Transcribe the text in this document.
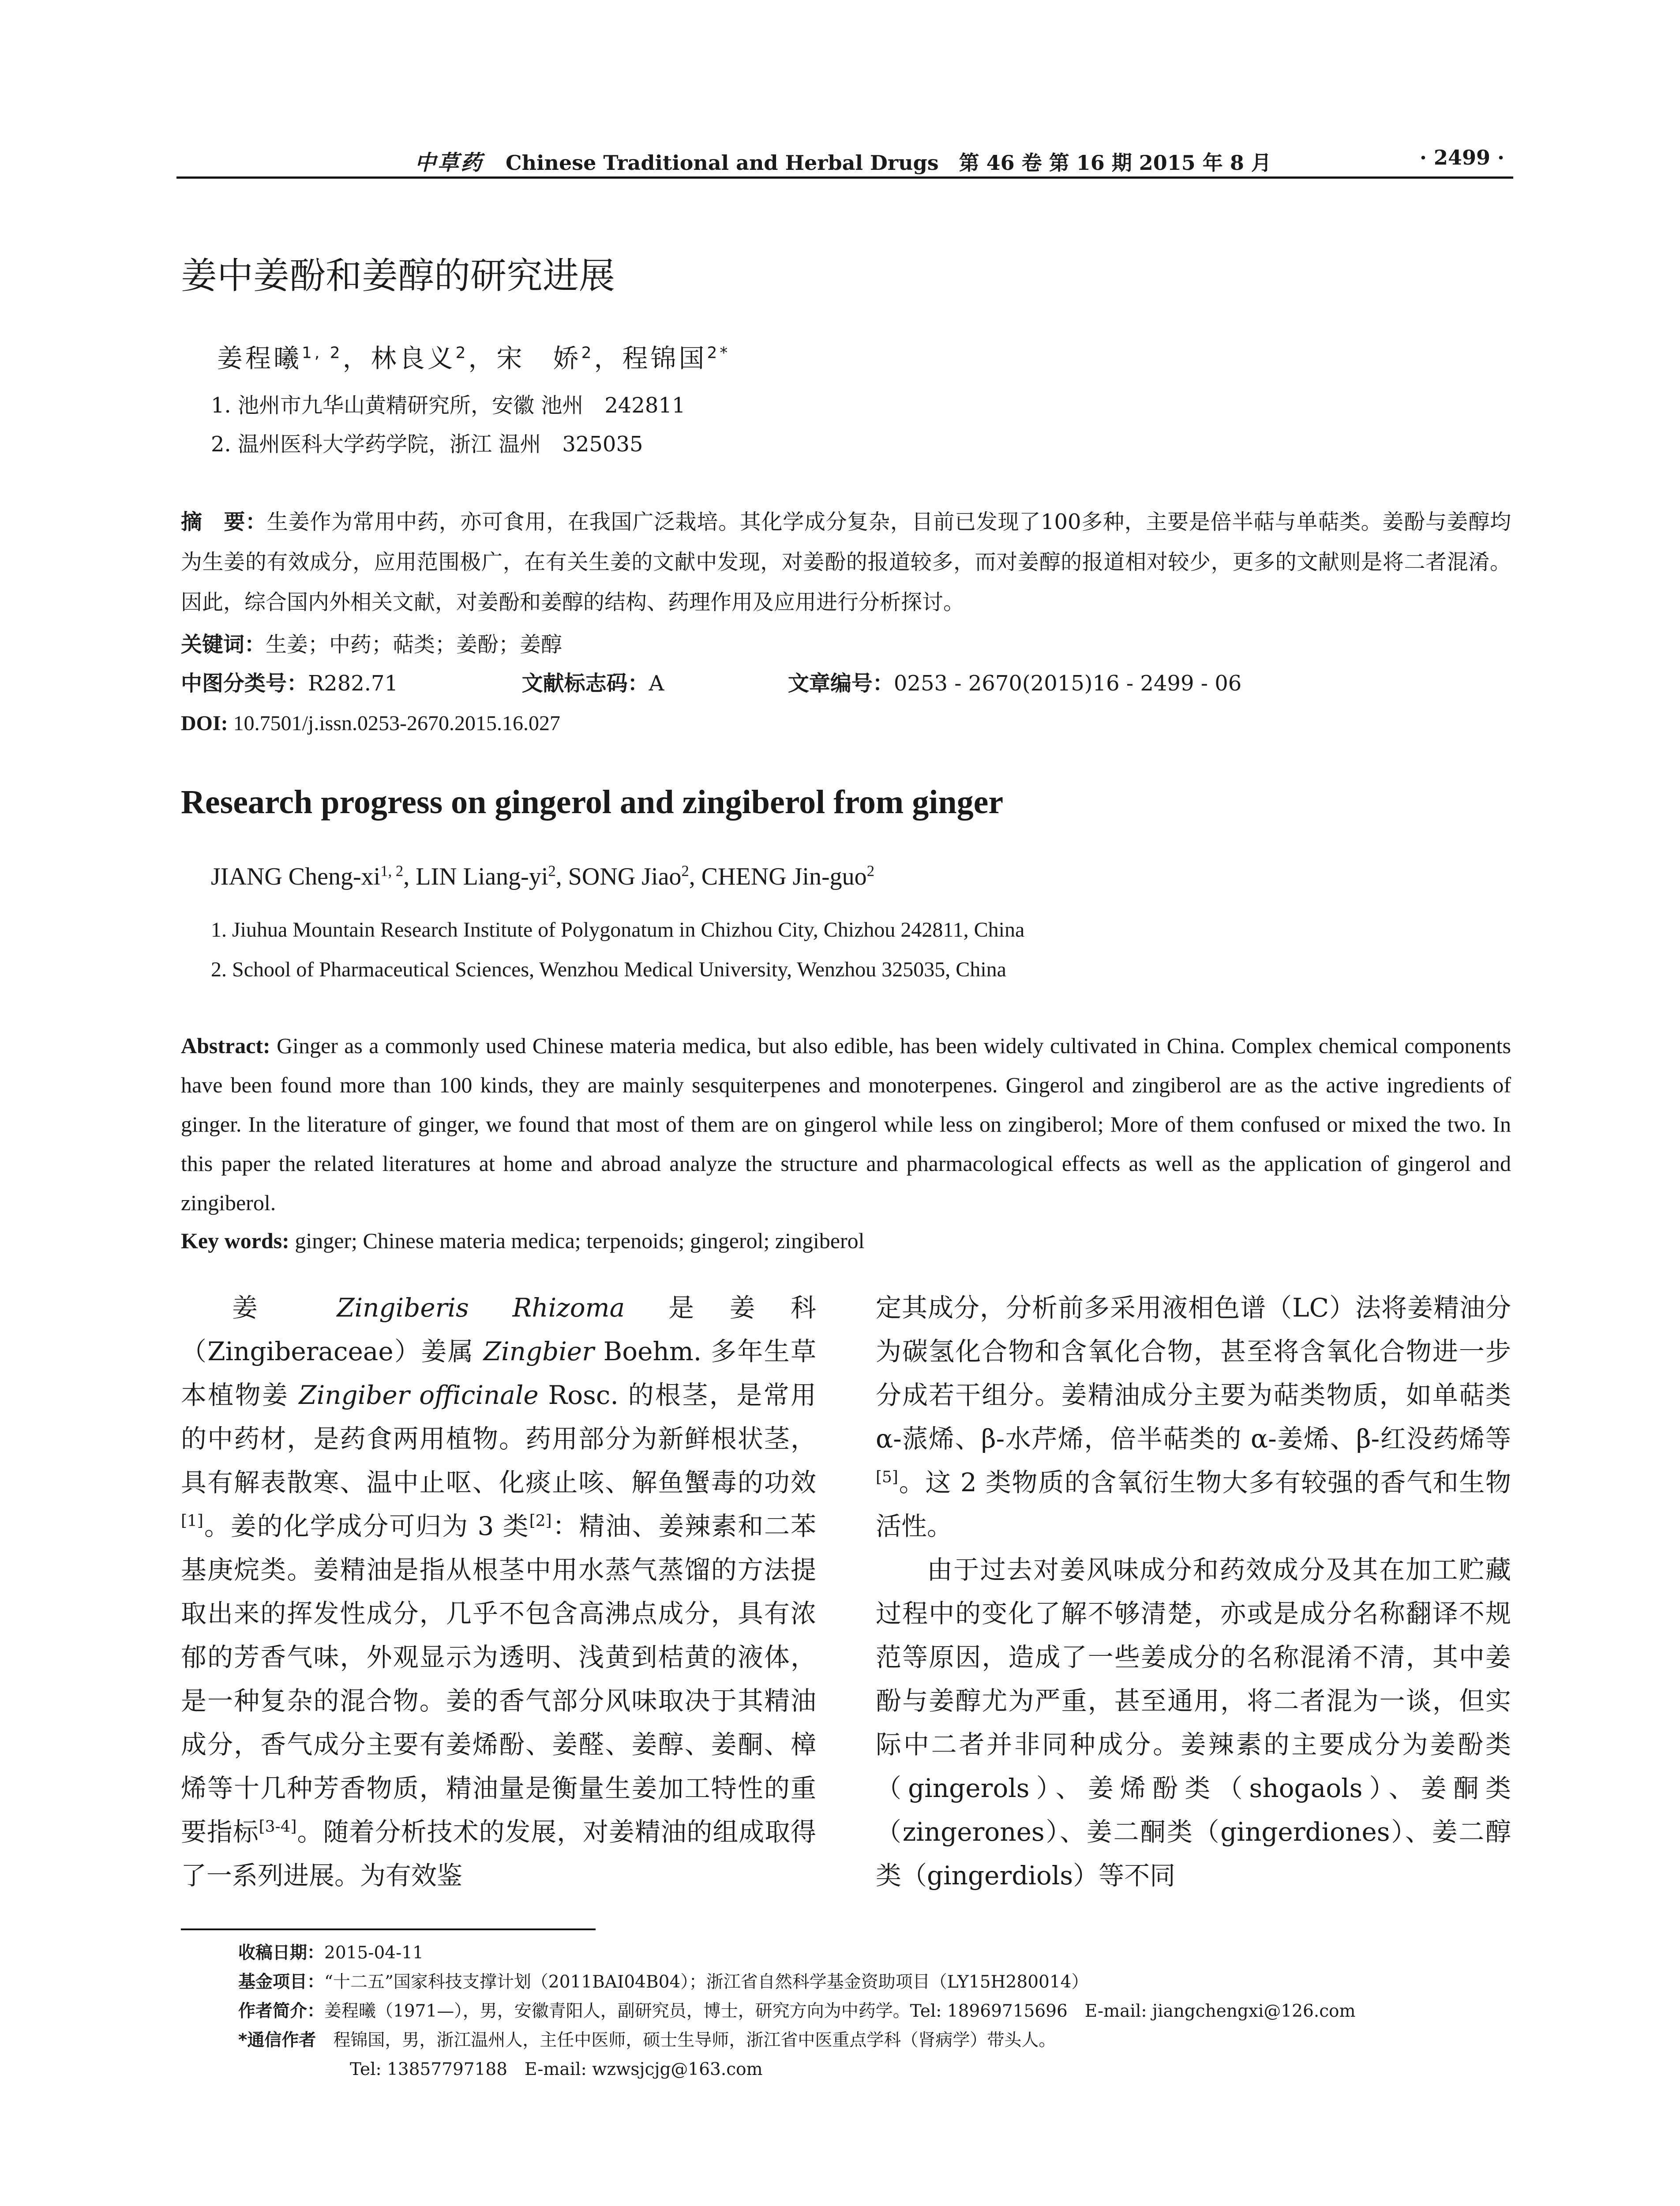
中草药 Chinese Traditional and Herbal Drugs 第 46 卷 第 16 期 2015 年 8 月	· 2499 ·
姜中姜酚和姜醇的研究进展
姜程曦$^{1, 2}$，林良义$^2$，宋　娇$^2$，程锦国$^{2*}$
1. 池州市九华山黄精研究所，安徽 池州　242811
2. 温州医科大学药学院，浙江 温州　325035
摘　要：生姜作为常用中药，亦可食用，在我国广泛栽培。其化学成分复杂，目前已发现了100多种，主要是倍半萜与单萜类。姜酚与姜醇均为生姜的有效成分，应用范围极广，在有关生姜的文献中发现，对姜酚的报道较多，而对姜醇的报道相对较少，更多的文献则是将二者混淆。因此，综合国内外相关文献，对姜酚和姜醇的结构、药理作用及应用进行分析探讨。
关键词：生姜；中药；萜类；姜酚；姜醇
中图分类号：R282.71	文献标志码：A	文章编号：0253 - 2670(2015)16 - 2499 - 06
DOI: 10.7501/j.issn.0253-2670.2015.16.027
Research progress on gingerol and zingiberol from ginger
JIANG Cheng-xi$^{1, 2}$, LIN Liang-$yi^2$, SONG Jiao$^2$, CHENG Jin-guo$^2$
1. Jiuhua Mountain Research Institute of Polygonatum in Chizhou City, Chizhou 242811, China
2. School of Pharmaceutical Sciences, Wenzhou Medical University, Wenzhou 325035, China
Abstract: Ginger as a commonly used Chinese materia medica, but also edible, has been widely cultivated in China. Complex chemical components have been found more than 100 kinds, they are mainly sesquiterpenes and monoterpenes. Gingerol and zingiberol are as the active ingredients of ginger. In the literature of ginger, we found that most of them are on gingerol while less on zingiberol; More of them confused or mixed the two. In this paper the related literatures at home and abroad analyze the structure and pharmacological effects as well as the application of gingerol and zingiberol.
Key words: ginger; Chinese materia medica; terpenoids; gingerol; zingiberol

姜 Zingiberis Rhizoma 是姜科（Zingiberaceae）姜属 Zingbier Boehm. 多年生草本植物姜 Zingiber officinale Rosc. 的根茎，是常用的中药材，是药食两用植物。药用部分为新鲜根状茎，具有解表散寒、温中止呕、化痰止咳、解鱼蟹毒的功效[1]。姜的化学成分可归为 3 类[2]：精油、姜辣素和二苯基庚烷类。姜精油是指从根茎中用水蒸气蒸馏的方法提取出来的挥发性成分，几乎不包含高沸点成分，具有浓郁的芳香气味，外观显示为透明、浅黄到桔黄的液体，是一种复杂的混合物。姜的香气部分风味取决于其精油成分，香气成分主要有姜烯酚、姜醛、姜醇、姜酮、樟烯等十几种芳香物质，精油量是衡量生姜加工特性的重要指标[3-4]。随着分析技术的发展，对姜精油的组成取得了一系列进展。为有效鉴

定其成分，分析前多采用液相色谱（LC）法将姜精油分为碳氢化合物和含氧化合物，甚至将含氧化合物进一步分成若干组分。姜精油成分主要为萜类物质，如单萜类 α-蒎烯、β-水芹烯，倍半萜类的 α-姜烯、β-红没药烯等[5]。这 2 类物质的含氧衍生物大多有较强的香气和生物活性。

由于过去对姜风味成分和药效成分及其在加工贮藏过程中的变化了解不够清楚，亦或是成分名称翻译不规范等原因，造成了一些姜成分的名称混淆不清，其中姜酚与姜醇尤为严重，甚至通用，将二者混为一谈，但实际中二者并非同种成分。姜辣素的主要成分为姜酚类（gingerols）、姜烯酚类（shogaols）、姜酮类（zingerones）、姜二酮类（gingerdiones）、姜二醇类（gingerdiols）等不同

收稿日期：2015-04-11
基金项目：“十二五”国家科技支撑计划（2011BAI04B04）；浙江省自然科学基金资助项目（LY15H280014）
作者简介：姜程曦（1971—），男，安徽青阳人，副研究员，博士，研究方向为中药学。Tel: 18969715696　E-mail: jiangchengxi@126.com
*通信作者　 程锦国，男，浙江温州人，主任中医师，硕士生导师，浙江省中医重点学科（肾病学）带头人。
Tel: 13857797188　E-mail: wzwsjcjg@163.com
